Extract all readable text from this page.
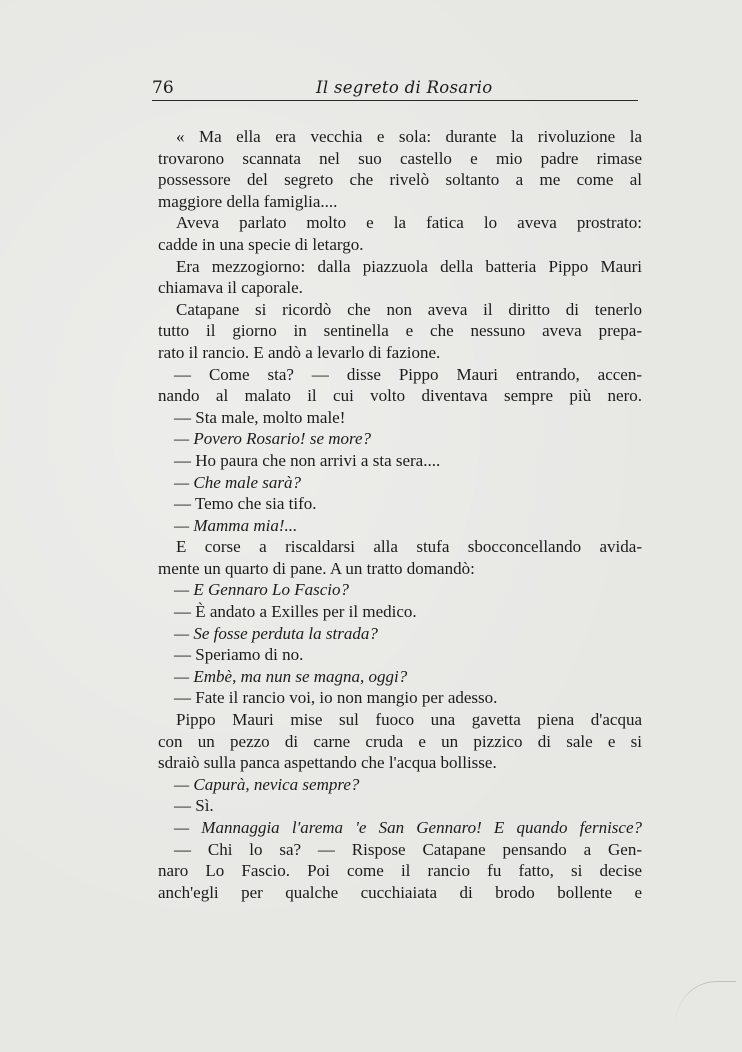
76	Il segreto di Rosario
« Ma ella era vecchia e sola: durante la rivoluzione la
trovarono scannata nel suo castello e mio padre rimase
possessore del segreto che rivelò soltanto a me come al
maggiore della famiglia....
Aveva parlato molto e la fatica lo aveva prostrato:
cadde in una specie di letargo.
Era mezzogiorno: dalla piazzuola della batteria Pippo Mauri
chiamava il caporale.
Catapane si ricordò che non aveva il diritto di tenerlo
tutto il giorno in sentinella e che nessuno aveva prepa-
rato il rancio. E andò a levarlo di fazione.
— Come sta? — disse Pippo Mauri entrando, accen-
nando al malato il cui volto diventava sempre più nero.
— Sta male, molto male!
— Povero Rosario! se more?
— Ho paura che non arrivi a sta sera....
— Che male sarà?
— Temo che sia tifo.
— Mamma mia!...
E corse a riscaldarsi alla stufa sbocconcellando avida-
mente un quarto di pane. A un tratto domandò:
— E Gennaro Lo Fascio?
— È andato a Exilles per il medico.
— Se fosse perduta la strada?
— Speriamo di no.
— Embè, ma nun se magna, oggi?
— Fate il rancio voi, io non mangio per adesso.
Pippo Mauri mise sul fuoco una gavetta piena d'acqua
con un pezzo di carne cruda e un pizzico di sale e si
sdraiò sulla panca aspettando che l'acqua bollisse.
— Capurà, nevica sempre?
— Sì.
— Mannaggia l'arema 'e San Gennaro! E quando fernisce?
— Chi lo sa? — Rispose Catapane pensando a Gen-
naro Lo Fascio. Poi come il rancio fu fatto, si decise
anch'egli per qualche cucchiaiata di brodo bollente e
